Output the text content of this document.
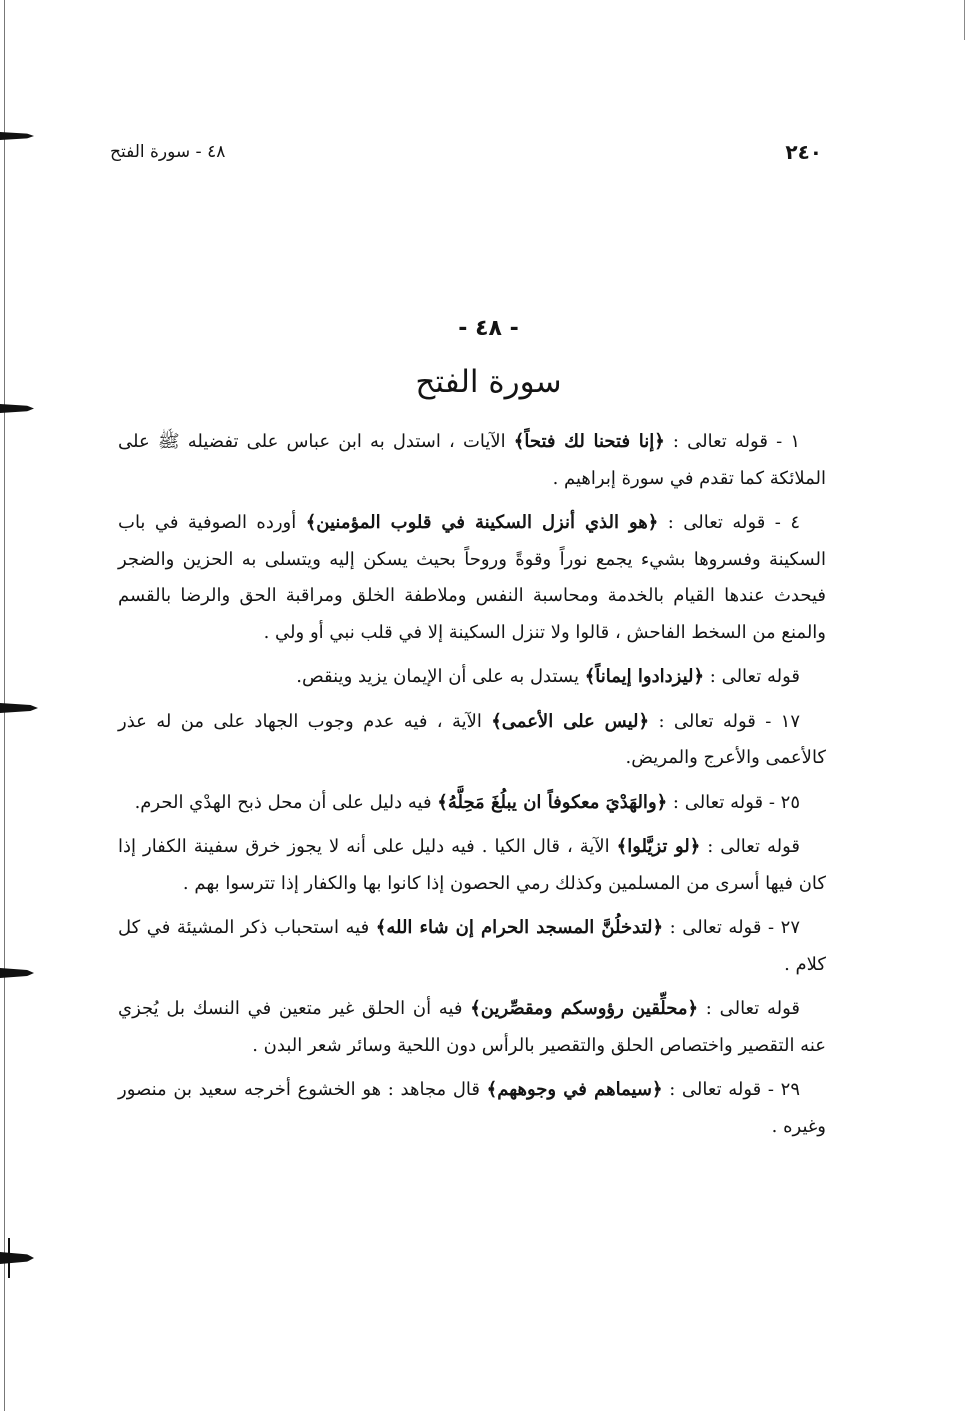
٢٤٠
٤٨ - سورة الفتح
- ٤٨ -
سورة الفتح

١ - قوله تعالى : ﴿إنا فتحنا لك فتحاً﴾ الآيات ، استدل به ابن عباس على تفضيله ﷺ على الملائكة كما تقدم في سورة إبراهيم .

٤ - قوله تعالى : ﴿هو الذي أنزل السكينة في قلوب المؤمنين﴾ أورده الصوفية في باب السكينة وفسروها بشيء يجمع نوراً وقوةً وروحاً بحيث يسكن إليه ويتسلى به الحزين والضجر فيحدث عندها القيام بالخدمة ومحاسبة النفس وملاطفة الخلق ومراقبة الحق والرضا بالقسم والمنع من السخط الفاحش ، قالوا ولا تنزل السكينة إلا في قلب نبي أو ولي .

قوله تعالى : ﴿ليزدادوا إيماناً﴾ يستدل به على أن الإيمان يزيد وينقص.

١٧ - قوله تعالى : ﴿ليس على الأعمى﴾ الآية ، فيه عدم وجوب الجهاد على من له عذر كالأعمى والأعرج والمريض.

٢٥ - قوله تعالى : ﴿والهَدْيَ معكوفاً ان يبلُغَ مَحِلَّهُ﴾ فيه دليل على أن محل ذبح الهدْي الحرم.

قوله تعالى : ﴿لو تزيَّلوا﴾ الآية ، قال الكيا . فيه دليل على أنه لا يجوز خرق سفينة الكفار إذا كان فيها أسرى من المسلمين وكذلك رمي الحصون إذا كانوا بها والكفار إذا تترسوا بهم .

٢٧ - قوله تعالى : ﴿لتدخلُنَّ المسجد الحرام إن شاء الله﴾ فيه استحباب ذكر المشيئة في كل كلام .

قوله تعالى : ﴿محلِّقين رؤوسكم ومقصِّرين﴾ فيه أن الحلق غير متعين في النسك بل يُجزي عنه التقصير واختصاص الحلق والتقصير بالرأس دون اللحية وسائر شعر البدن .

٢٩ - قوله تعالى : ﴿سيماهم في وجوههم﴾ قال مجاهد : هو الخشوع أخرجه سعيد بن منصور وغيره .
